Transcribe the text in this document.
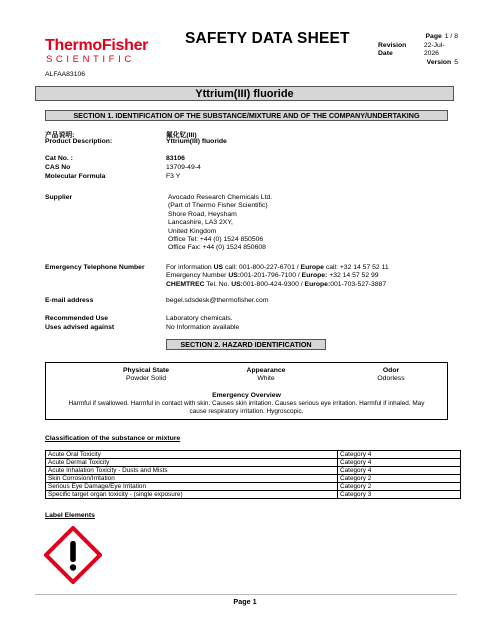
ThermoFisher
SCIENTIFIC
SAFETY DATA SHEET	Page 1 / 8
Revision Date
22-Jul-2026
Version 5
ALFAA83106
Yttrium(III) fluoride
SECTION 1. IDENTIFICATION OF THE SUBSTANCE/MIXTURE AND OF THE COMPANY/UNDERTAKING
产品说明:
Product Description:
氟化钇(III)
Yttrium(III) fluoride
Cat No. :	83106
CAS No	13709-49-4
Molecular Formula	F3 Y
Supplier	Avocado Research Chemicals Ltd.
(Part of Thermo Fisher Scientific)
Shore Road, Heysham
Lancashire, LA3 2XY,
United Kingdom
Office Tel: +44 (0) 1524 850506
Office Fax: +44 (0) 1524 850608
Emergency Telephone Number	For information US call: 001-800-227-6701 / Europe call: +32 14 57 52 11
Emergency Number US:001-201-796-7100 / Europe: +32 14 57 52 99
CHEMTREC Tel. No. US:001-800-424-9300 / Europe:001-703-527-3887
E-mail address	begel.sdsdesk@thermofisher.com
Recommended Use	Laboratory chemicals.
Uses advised against	No Information available
SECTION 2. HAZARD IDENTIFICATION
Physical State
Powder Solid
Appearance
White
Odor
Odorless
Emergency Overview
Harmful if swallowed. Harmful in contact with skin. Causes skin irritation. Causes serious eye irritation. Harmful if inhaled. May
cause respiratory irritation. Hygroscopic.
Classification of the substance or mixture
Acute Oral Toxicity	Category 4
Acute Dermal Toxicity	Category 4
Acute Inhalation Toxicity - Dusts and Mists	Category 4
Skin Corrosion/Irritation	Category 2
Serious Eye Damage/Eye Irritation	Category 2
Specific target organ toxicity - (single exposure)	Category 3
Label Elements
Page 1
